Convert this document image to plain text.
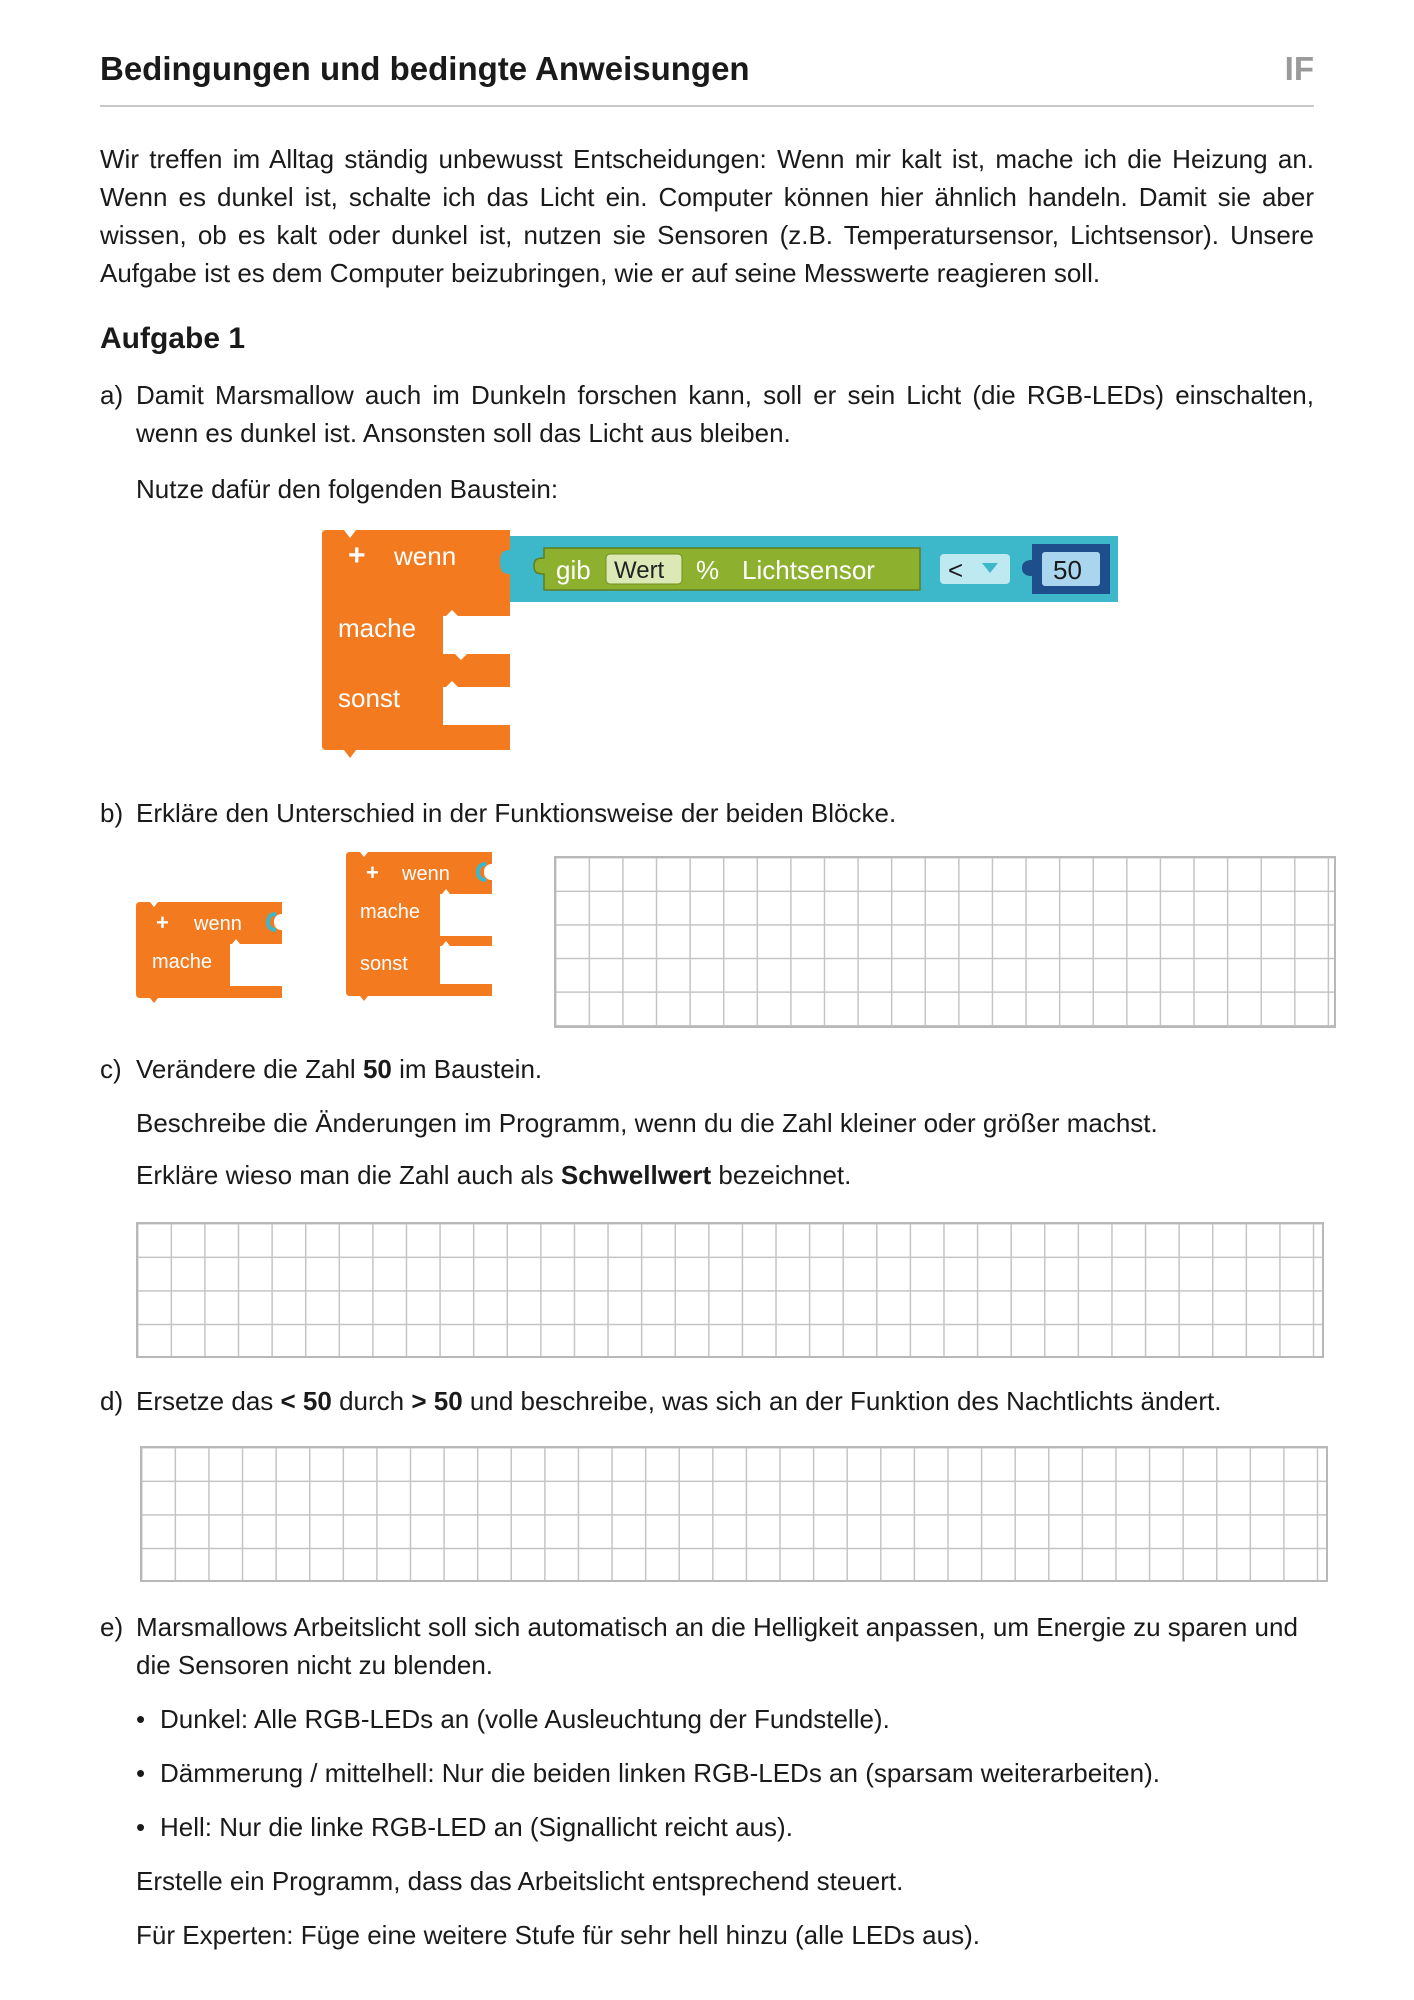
Bedingungen und bedingte Anweisungen	IF
Wir treffen im Alltag ständig unbewusst Entscheidungen: Wenn mir kalt ist, mache ich die Heizung an. Wenn es dunkel ist, schalte ich das Licht ein. Computer können hier ähnlich handeln. Damit sie aber wissen, ob es kalt oder dunkel ist, nutzen sie Sensoren (z.B. Temperatursensor, Lichtsensor). Unsere Aufgabe ist es dem Computer beizubringen, wie er auf seine Messwerte reagieren soll.
Aufgabe 1
a) Damit Marsmallow auch im Dunkeln forschen kann, soll er sein Licht (die RGB-LEDs) einschalten, wenn es dunkel ist. Ansonsten soll das Licht aus bleiben.
Nutze dafür den folgenden Baustein:
+ wenn
mache
sonst
gib Wert % Lichtsensor	<	50
b) Erkläre den Unterschied in der Funktionsweise der beiden Blöcke.
+ wenn
mache
+ wenn
mache
sonst
c) Verändere die Zahl 50 im Baustein.
Beschreibe die Änderungen im Programm, wenn du die Zahl kleiner oder größer machst.
Erkläre wieso man die Zahl auch als Schwellwert bezeichnet.
d) Ersetze das < 50 durch > 50 und beschreibe, was sich an der Funktion des Nachtlichts ändert.
e) Marsmallows Arbeitslicht soll sich automatisch an die Helligkeit anpassen, um Energie zu sparen und die Sensoren nicht zu blenden.
• Dunkel: Alle RGB-LEDs an (volle Ausleuchtung der Fundstelle).
• Dämmerung / mittelhell: Nur die beiden linken RGB-LEDs an (sparsam weiterarbeiten).
• Hell: Nur die linke RGB-LED an (Signallicht reicht aus).
Erstelle ein Programm, dass das Arbeitslicht entsprechend steuert.
Für Experten: Füge eine weitere Stufe für sehr hell hinzu (alle LEDs aus).
